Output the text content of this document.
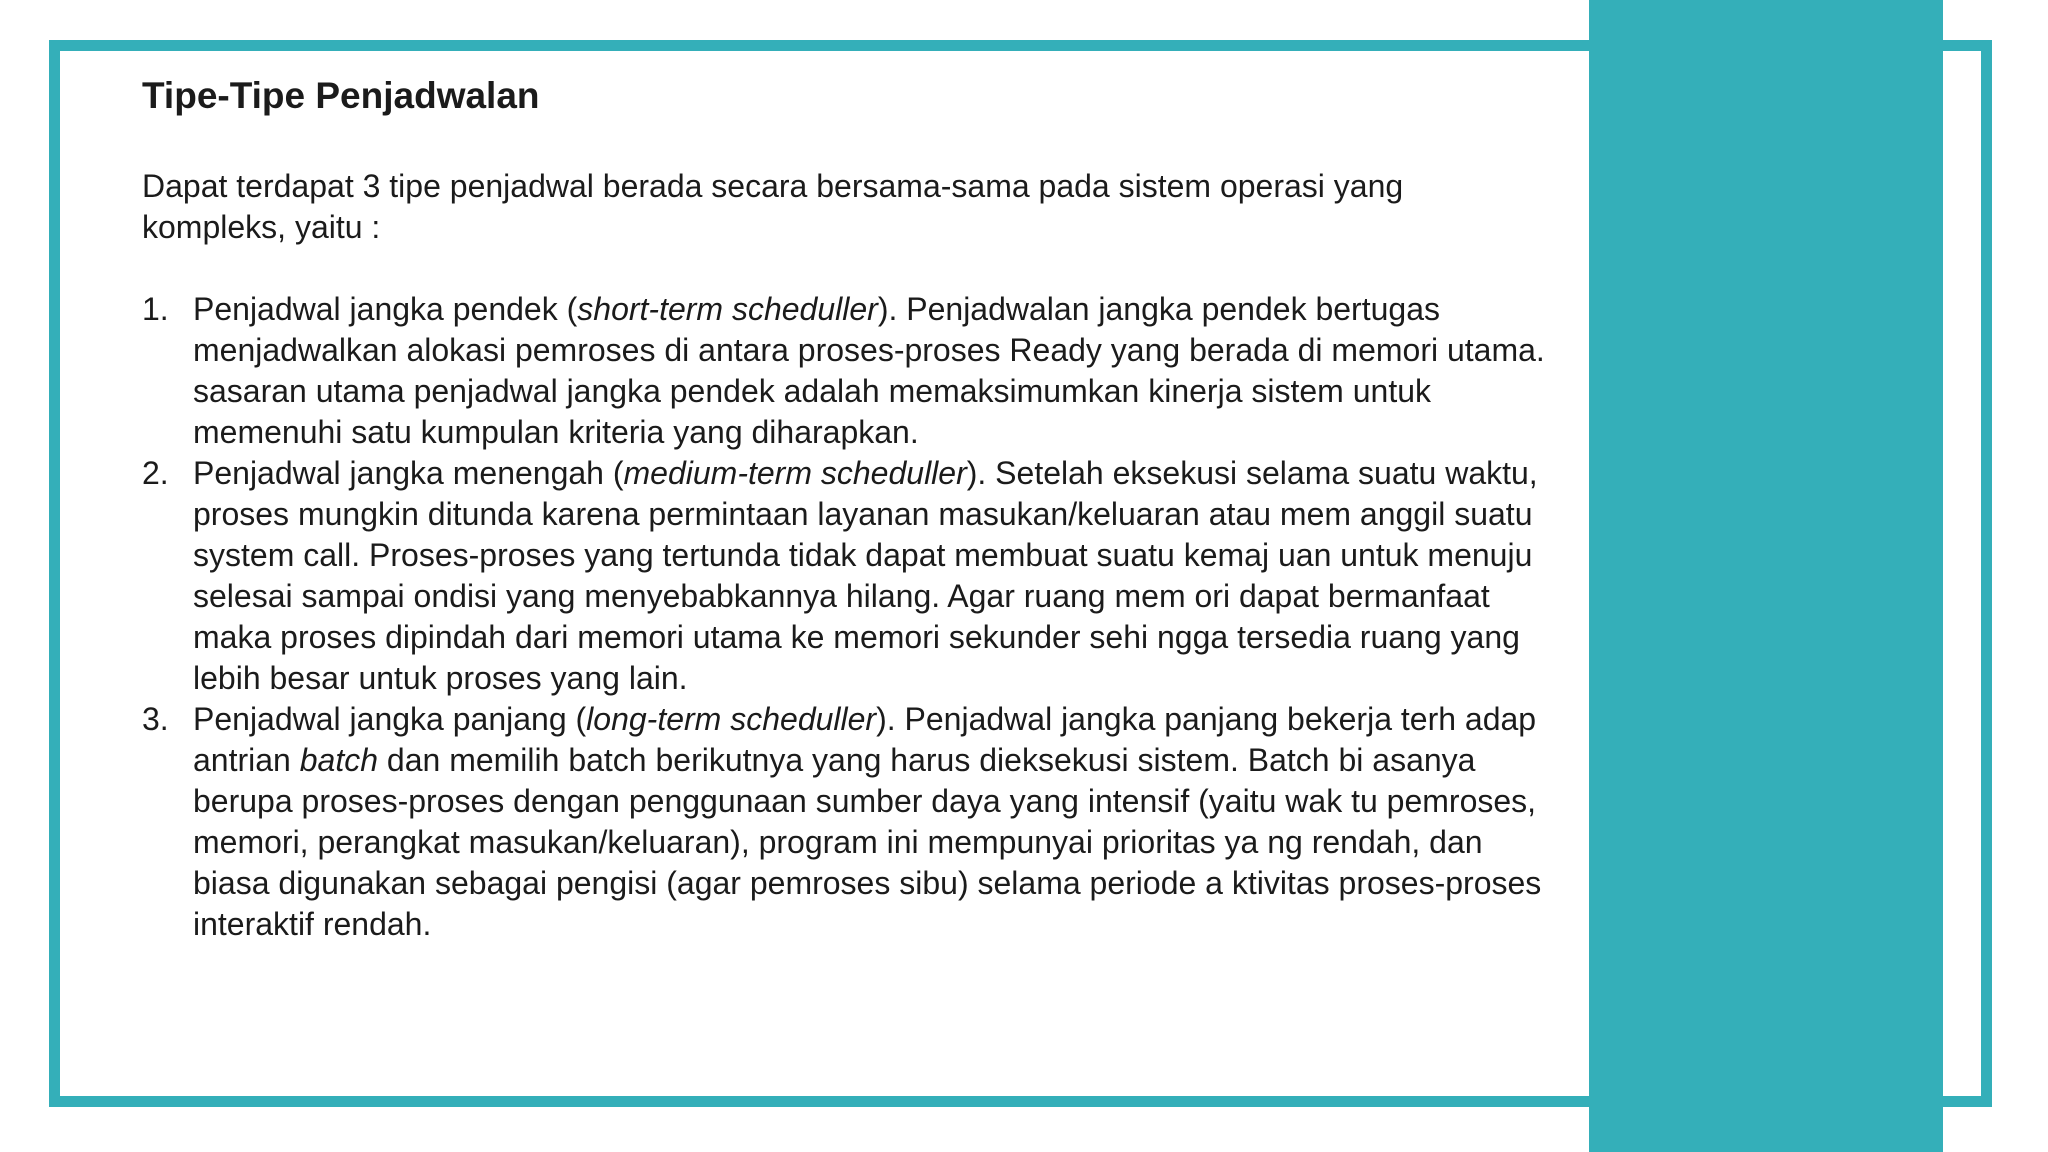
Tipe-Tipe Penjadwalan

Dapat terdapat 3 tipe penjadwal berada secara bersama-sama pada sistem operasi yang
kompleks, yaitu :

1. Penjadwal jangka pendek (short-term scheduller). Penjadwalan jangka pendek bertugas menjadwalkan alokasi pemroses di antara proses-proses Ready yang berada di memori utama. sasaran utama penjadwal jangka pendek adalah memaksimumkan kinerja sistem untuk memenuhi satu kumpulan kriteria yang diharapkan.
2. Penjadwal jangka menengah (medium-term scheduller). Setelah eksekusi selama suatu waktu, proses mungkin ditunda karena permintaan layanan masukan/keluaran atau mem anggil suatu system call. Proses-proses yang tertunda tidak dapat membuat suatu kemaj uan untuk menuju selesai sampai ondisi yang menyebabkannya hilang. Agar ruang mem ori dapat bermanfaat maka proses dipindah dari memori utama ke memori sekunder sehi ngga tersedia ruang yang lebih besar untuk proses yang lain.
3. Penjadwal jangka panjang (long-term scheduller). Penjadwal jangka panjang bekerja terh adap antrian batch dan memilih batch berikutnya yang harus dieksekusi sistem. Batch bi asanya berupa proses-proses dengan penggunaan sumber daya yang intensif (yaitu wak tu pemroses, memori, perangkat masukan/keluaran), program ini mempunyai prioritas ya ng rendah, dan biasa digunakan sebagai pengisi (agar pemroses sibu) selama periode a ktivitas proses-proses interaktif rendah.
